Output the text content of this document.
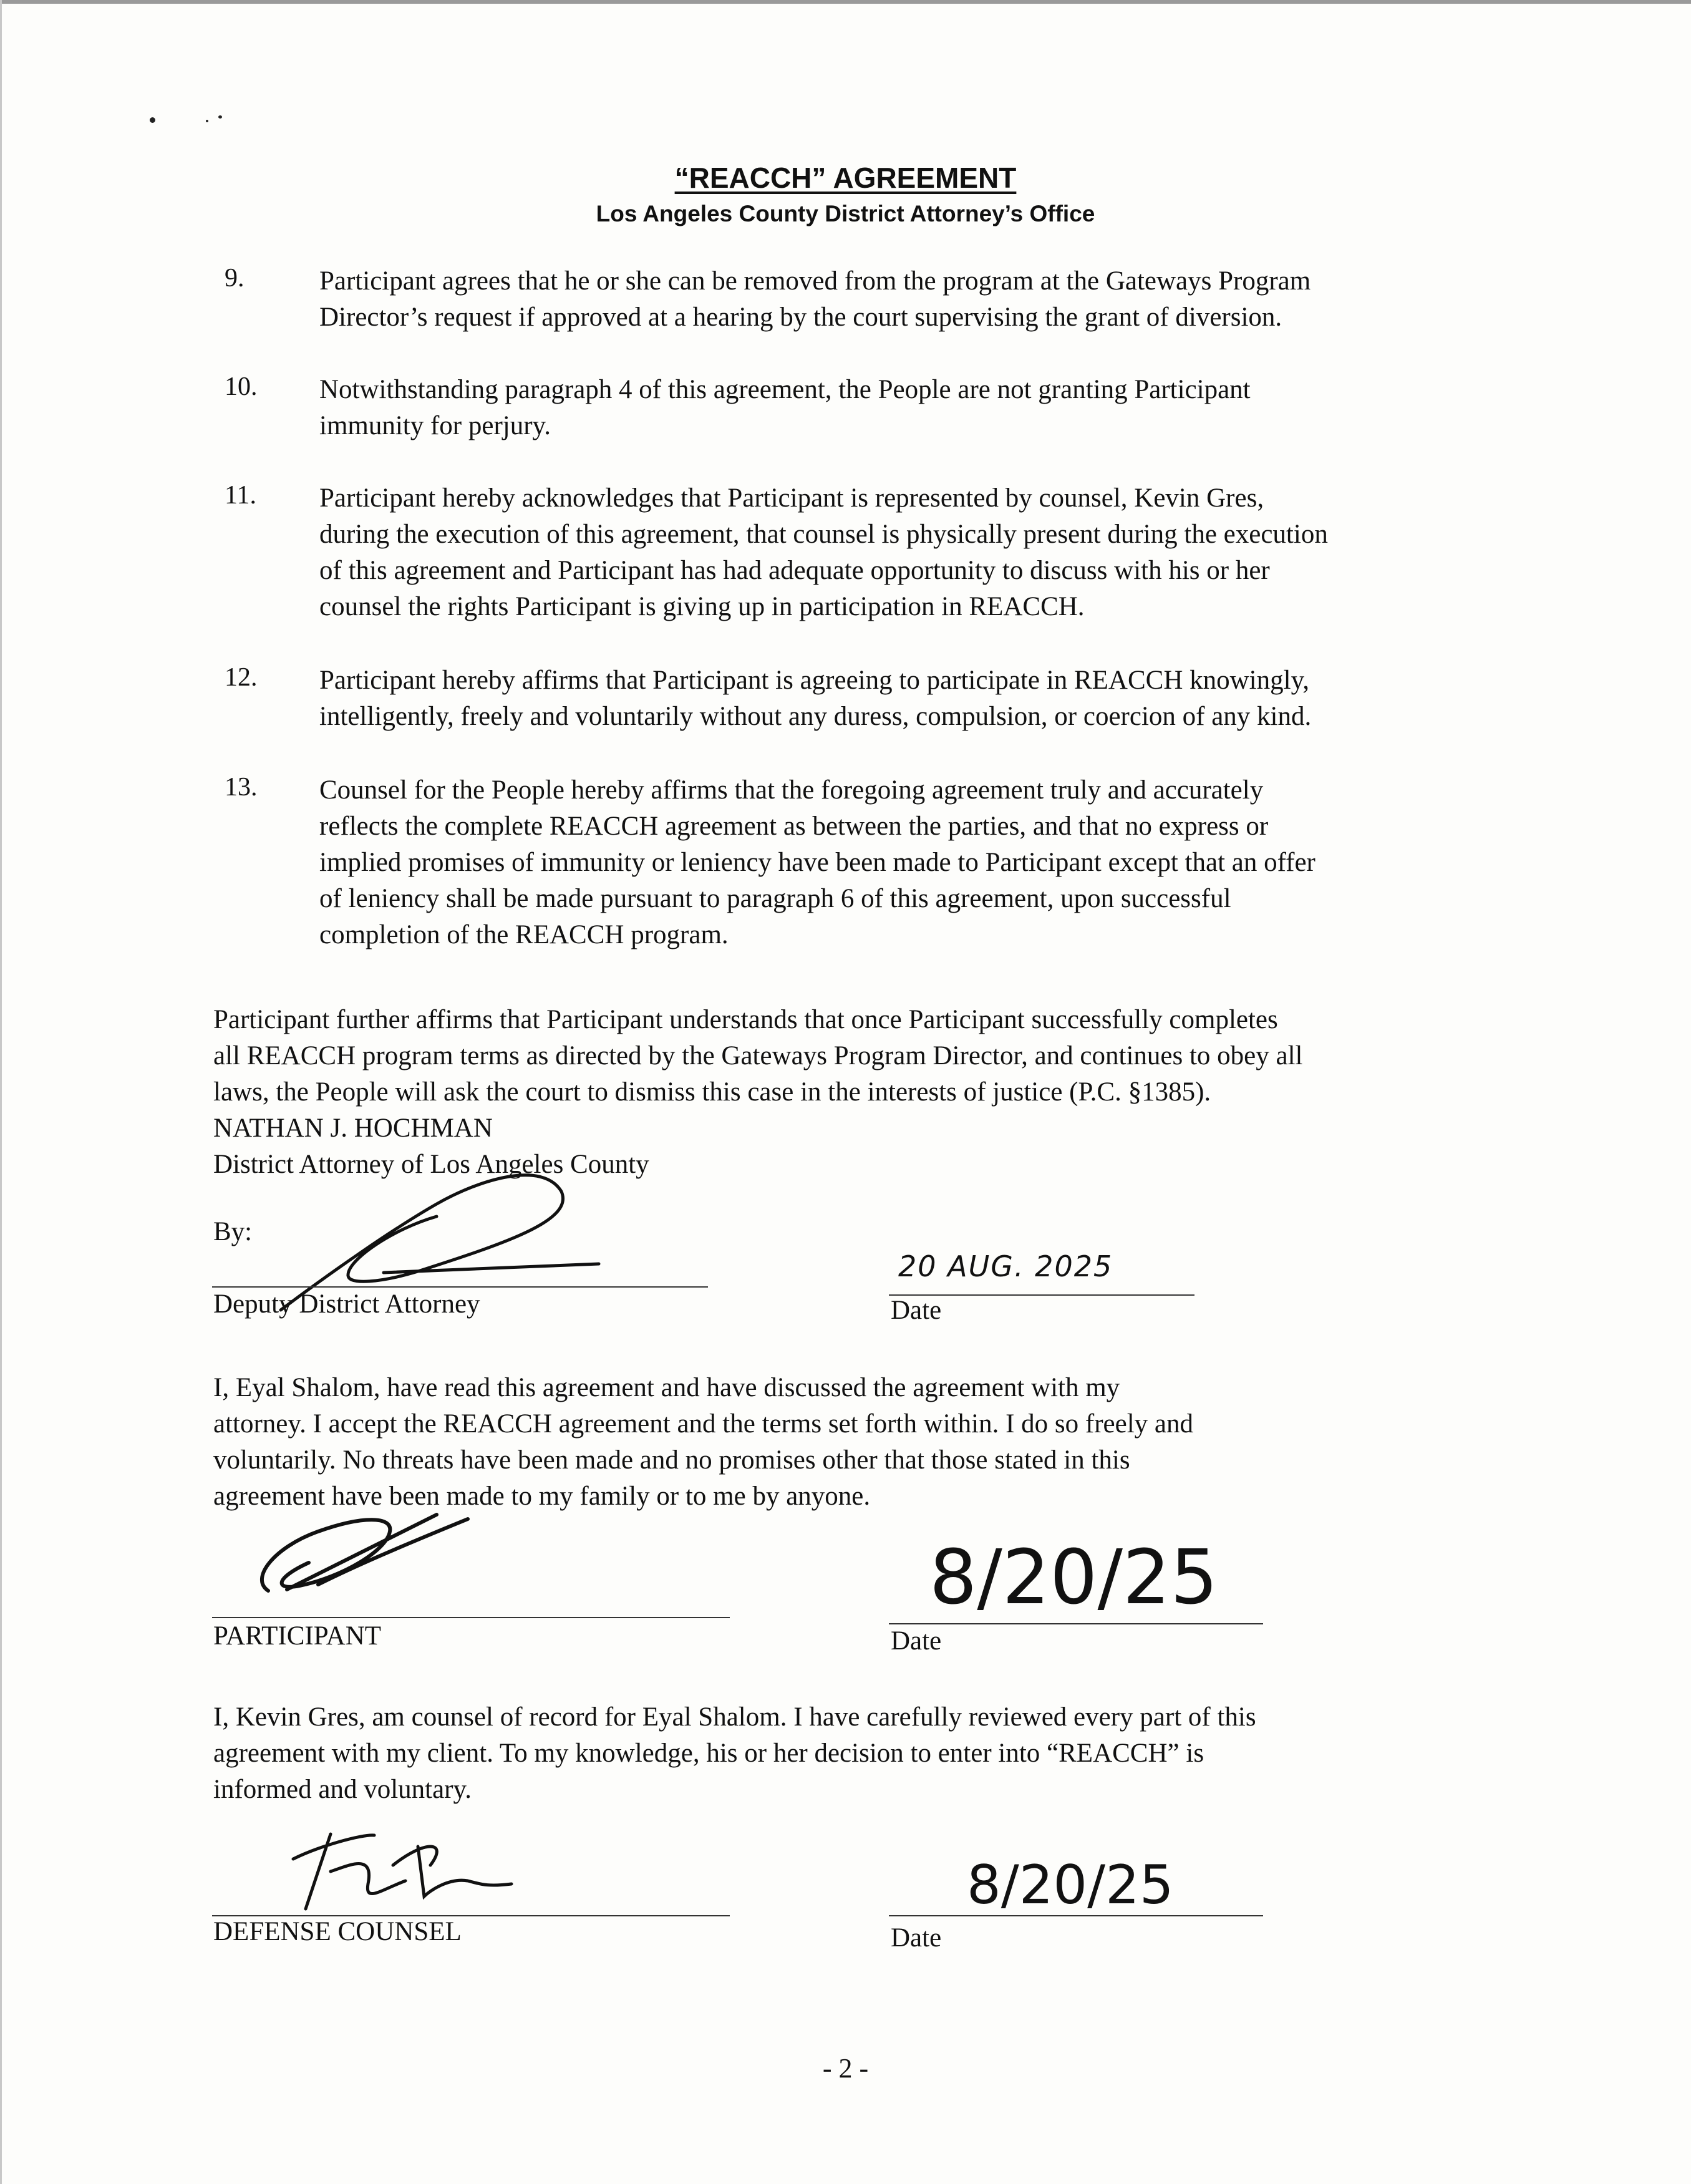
“REACCH” AGREEMENT
Los Angeles County District Attorney’s Office
9.	Participant agrees that he or she can be removed from the program at the Gateways Program
Director’s request if approved at a hearing by the court supervising the grant of diversion.
10. Notwithstanding paragraph 4 of this agreement, the People are not granting Participant
immunity for perjury.
11. Participant hereby acknowledges that Participant is represented by counsel, Kevin Gres,
during the execution of this agreement, that counsel is physically present during the execution
of this agreement and Participant has had adequate opportunity to discuss with his or her
counsel the rights Participant is giving up in participation in REACCH.
12. Participant hereby affirms that Participant is agreeing to participate in REACCH knowingly,
intelligently, freely and voluntarily without any duress, compulsion, or coercion of any kind.
13. Counsel for the People hereby affirms that the foregoing agreement truly and accurately
reflects the complete REACCH agreement as between the parties, and that no express or
implied promises of immunity or leniency have been made to Participant except that an offer
of leniency shall be made pursuant to paragraph 6 of this agreement, upon successful
completion of the REACCH program.
Participant further affirms that Participant understands that once Participant successfully completes
all REACCH program terms as directed by the Gateways Program Director, and continues to obey all
laws, the People will ask the court to dismiss this case in the interests of justice (P.C. §1385).
NATHAN J. HOCHMAN
District Attorney of Los Angeles County
By:
Deputy District Attorney
20 AUG. 2025
Date
I, Eyal Shalom, have read this agreement and have discussed the agreement with my
attorney. I accept the REACCH agreement and the terms set forth within. I do so freely and
voluntarily. No threats have been made and no promises other that those stated in this
agreement have been made to my family or to me by anyone.
PARTICIPANT
8/20/25
Date
I, Kevin Gres, am counsel of record for Eyal Shalom. I have carefully reviewed every part of this
agreement with my client. To my knowledge, his or her decision to enter into “REACCH” is
informed and voluntary.
DEFENSE COUNSEL
8/20/25
Date
- 2 -
